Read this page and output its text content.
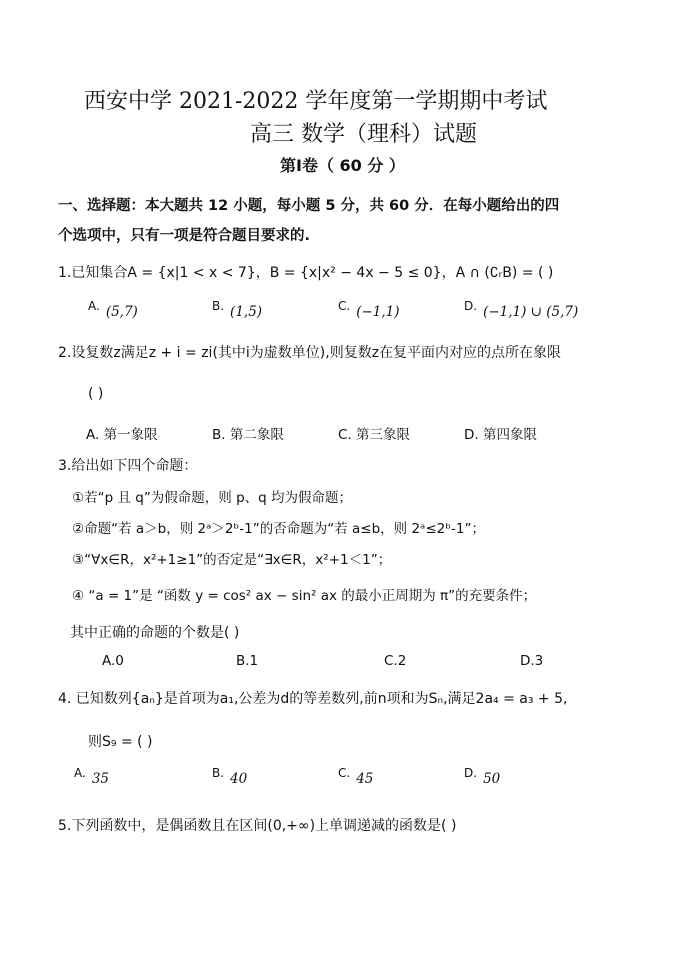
西安中学 2021-2022 学年度第一学期期中考试
高三 数学（理科）试题
第Ⅰ卷（ 60 分 ）
一、选择题：本大题共 12 小题，每小题 5 分，共 60 分．在每小题给出的四
个选项中，只有一项是符合题目要求的.
1.已知集合A = {x|1 < x < 7}，B = {x|x² − 4x − 5 ≤ 0}，A ∩ (∁ᵣB) = ( )
A. (5,7)	B. (1,5)	C. (−1,1)	D. (−1,1) ∪ (5,7)
2.设复数z满足z + i = zi(其中i为虚数单位),则复数z在复平面内对应的点所在象限
( )
A. 第一象限	B. 第二象限	C. 第三象限	D. 第四象限
3.给出如下四个命题：
①若“p 且 q”为假命题，则 p、q 均为假命题；
②命题“若 a＞b，则 2ᵃ＞2ᵇ-1”的否命题为“若 a≤b，则 2ᵃ≤2ᵇ-1”；
③“∀x∈R，x²+1≥1”的否定是“∃x∈R，x²+1＜1”；
④ “a = 1”是 “函数 y = cos² ax − sin² ax 的最小正周期为 π”的充要条件；
其中正确的命题的个数是( )
A.0	B.1	C.2	D.3
4. 已知数列{aₙ}是首项为a₁,公差为d的等差数列,前n项和为Sₙ,满足2a₄ = a₃ + 5,
则S₉ = ( )
A. 35	B. 40	C. 45	D. 50
5.下列函数中，是偶函数且在区间(0,+∞)上单调递减的函数是( )
